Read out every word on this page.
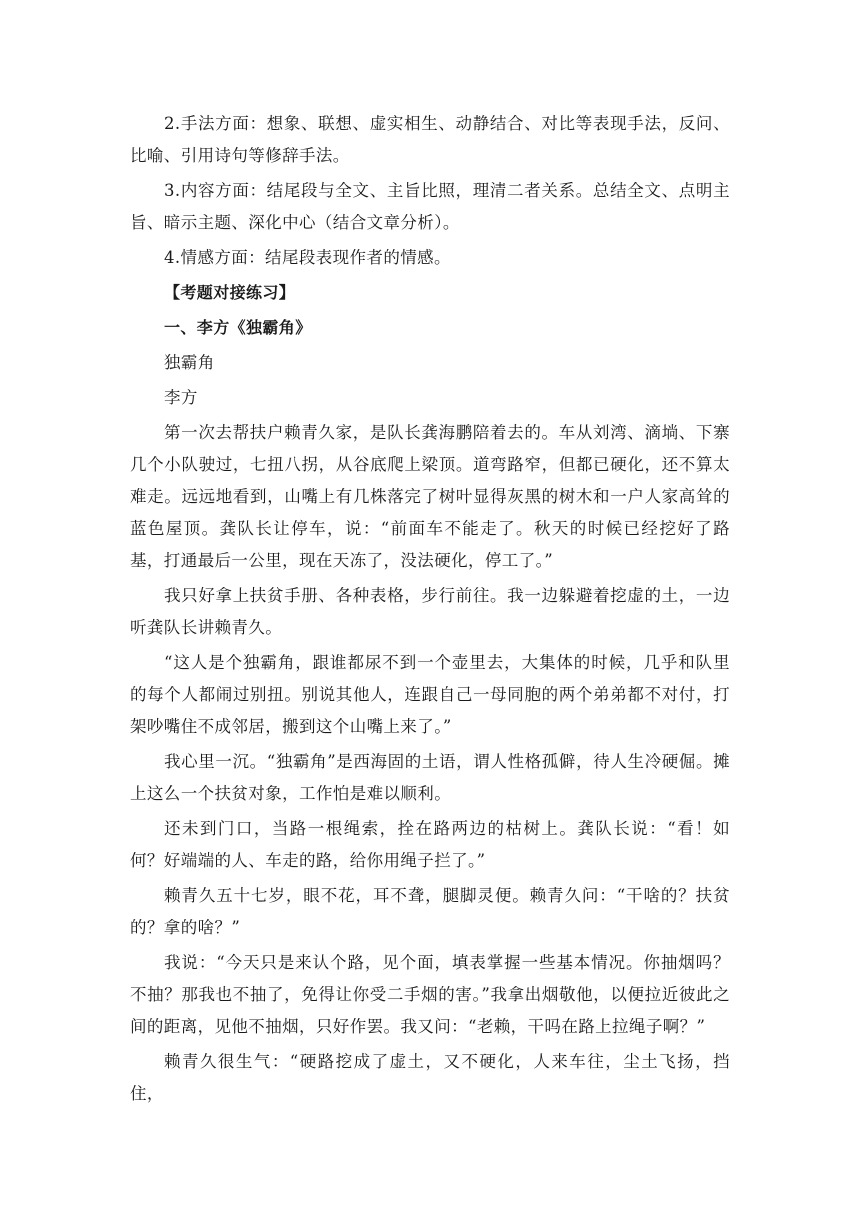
2.手法方面：想象、联想、虚实相生、动静结合、对比等表现手法，反问、比喻、引用诗句等修辞手法。

3.内容方面：结尾段与全文、主旨比照，理清二者关系。总结全文、点明主旨、暗示主题、深化中心（结合文章分析）。

4.情感方面：结尾段表现作者的情感。

【考题对接练习】

一、李方《独霸角》

独霸角

李方

第一次去帮扶户赖青久家，是队长龚海鹏陪着去的。车从刘湾、滴埫、下寨几个小队驶过，七扭八拐，从谷底爬上梁顶。道弯路窄，但都已硬化，还不算太难走。远远地看到，山嘴上有几株落完了树叶显得灰黑的树木和一户人家高耸的蓝色屋顶。龚队长让停车，说：“前面车不能走了。秋天的时候已经挖好了路基，打通最后一公里，现在天冻了，没法硬化，停工了。”

我只好拿上扶贫手册、各种表格，步行前往。我一边躲避着挖虚的土，一边听龚队长讲赖青久。

“这人是个独霸角，跟谁都尿不到一个壶里去，大集体的时候，几乎和队里的每个人都闹过别扭。别说其他人，连跟自己一母同胞的两个弟弟都不对付，打架吵嘴住不成邻居，搬到这个山嘴上来了。”

我心里一沉。“独霸角”是西海固的土语，谓人性格孤僻，待人生冷硬倔。摊上这么一个扶贫对象，工作怕是难以顺利。

还未到门口，当路一根绳索，拴在路两边的枯树上。龚队长说：“看！如何？好端端的人、车走的路，给你用绳子拦了。”

赖青久五十七岁，眼不花，耳不聋，腿脚灵便。赖青久问：“干啥的？扶贫的？拿的啥？”

我说：“今天只是来认个路，见个面，填表掌握一些基本情况。你抽烟吗？不抽？那我也不抽了，免得让你受二手烟的害。”我拿出烟敬他，以便拉近彼此之间的距离，见他不抽烟，只好作罢。我又问：“老赖，干吗在路上拉绳子啊？”

赖青久很生气：“硬路挖成了虚土，又不硬化，人来车往，尘土飞扬，挡住，
